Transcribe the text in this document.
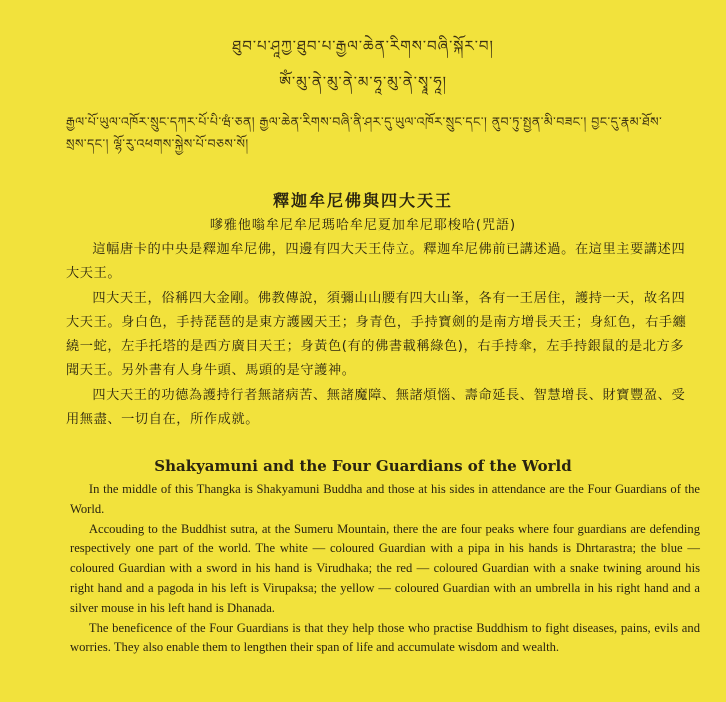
ཐུབ་པ་ཤཱཀྱ་ཐུབ་པ་རྒྱལ་ཆེན་རིགས་བཞི་སྐོར་བ།
ཨོཾ་མུ་ནེ་མུ་ནེ་མ་ཧཱ་མུ་ནེ་སྭཱ་ཧཱ།
རྒྱལ་པོ་ཡུལ་འཁོར་སྲུང་དཀར་པོ་པི་ཝཾ་ཅན། རྒྱལ་ཆེན་རིགས་བཞི་ནི་ཤར་དུ་ཡུལ་འཁོར་སྲུང་དང་། ནུབ་ཏུ་སྤྱན་མི་བཟང་། བྱང་དུ་རྣམ་ཐོས་
སྲས་དང་། ལྷོ་རུ་འཕགས་སྐྱེས་པོ་བཅས་སོ།
釋迦牟尼佛與四大天王
嗲雅他嗡牟尼牟尼瑪哈牟尼夏加牟尼耶梭哈(咒語)

這幅唐卡的中央是釋迦牟尼佛，四邊有四大天王侍立。釋迦牟尼佛前已講述過。在這里主要講述四大天王。

四大天王，俗稱四大金剛。佛教傳說，須彌山山腰有四大山峯，各有一王居住，護持一天，故名四大天王。身白色，手持琵琶的是東方護國天王；身青色，手持寶劍的是南方增長天王；身紅色，右手纏繞一蛇，左手托塔的是西方廣目天王；身黃色(有的佛書載稱綠色)，右手持傘，左手持銀鼠的是北方多聞天王。另外書有人身牛頭、馬頭的是守護神。

四大天王的功德為護持行者無諸病苦、無諸魔障、無諸煩惱、壽命延長、智慧增長、財寶豐盈、受用無盡、一切自在，所作成就。

Shakyamuni and the Four Guardians of the World

In the middle of this Thangka is Shakyamuni Buddha and those at his sides in attendance are the Four Guardians of the World.

Accouding to the Buddhist sutra, at the Sumeru Mountain, there the are four peaks where four guardians are defending respectively one part of the world. The white — coloured Guardian with a pipa in his hands is Dhrtarastra; the blue — coloured Guardian with a sword in his hand is Virudhaka; the red — coloured Guardian with a snake twining around his right hand and a pagoda in his left is Virupaksa; the yellow — coloured Guardian with an umbrella in his right hand and a silver mouse in his left hand is Dhanada.

The beneficence of the Four Guardians is that they help those who practise Buddhism to fight diseases, pains, evils and worries. They also enable them to lengthen their span of life and accumulate wisdom and wealth.
